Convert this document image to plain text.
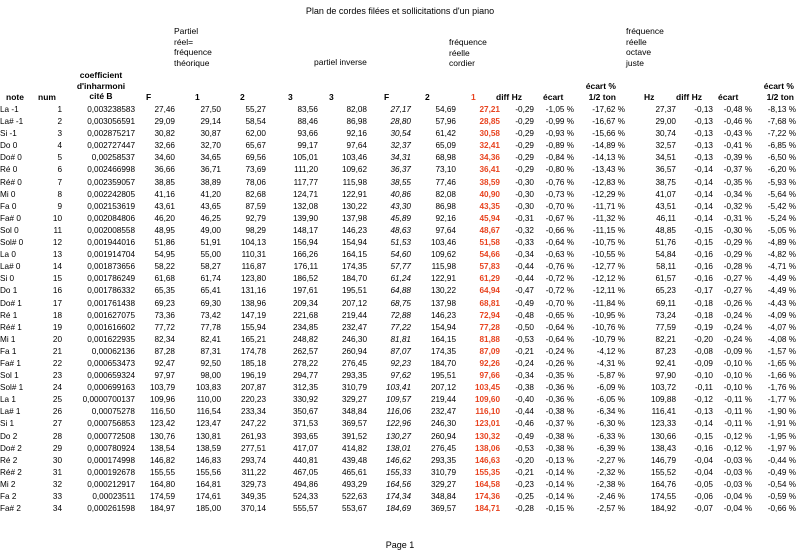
Plan de cordes filées et sollicitations d'un piano
Partiel
réel=
fréquence
théorique	partiel inverse
fréquence
réelle
cordier
fréquence
réelle
octave
juste
coefficient
d'inharmoni
cité B
écart %
1/2 ton
écart %
1/2 ton
note num	F	1	2	3	3	F	2	1 diff Hz écart	Hz	diff Hz écart
La -1	1	0,003238583	27,46	27,50	55,27	83,56	82,08	27,17	54,69	27,21	-0,29	-1,05 %	-17,62 %	27,37	-0,13	-0,48 %	-8,13 %
La# -1	2	0,003056591	29,09	29,14	58,54	88,46	86,98	28,80	57,96	28,85	-0,29	-0,99 %	-16,67 %	29,00	-0,13	-0,46 %	-7,68 %
Si -1	3	0,002875217	30,82	30,87	62,00	93,66	92,16	30,54	61,42	30,58	-0,29	-0,93 %	-15,66 %	30,74	-0,13	-0,43 %	-7,22 %
Do 0	4	0,002727447	32,66	32,70	65,67	99,17	97,64	32,37	65,09	32,41	-0,29	-0,89 %	-14,89 %	32,57	-0,13	-0,41 %	-6,85 %
Do# 0	5	0,00258537	34,60	34,65	69,56	105,01	103,46	34,31	68,98	34,36	-0,29	-0,84 %	-14,13 %	34,51	-0,13	-0,39 %	-6,50 %
Ré 0	6	0,002466998	36,66	36,71	73,69	111,20	109,62	36,37	73,10	36,41	-0,29	-0,80 %	-13,43 %	36,57	-0,14	-0,37 %	-6,20 %
Ré# 0	7	0,002359057	38,85	38,89	78,06	117,77	115,98	38,55	77,46	38,59	-0,30	-0,76 %	-12,83 %	38,75	-0,14	-0,35 %	-5,93 %
Mi 0	8	0,002242805	41,16	41,20	82,68	124,71	122,91	40,86	82,08	40,90	-0,30	-0,73 %	-12,29 %	41,07	-0,14	-0,34 %	-5,64 %
Fa 0	9	0,002153619	43,61	43,65	87,59	132,08	130,22	43,30	86,98	43,35	-0,30	-0,70 %	-11,71 %	43,51	-0,14	-0,32 %	-5,42 %
Fa# 0	10	0,002084806	46,20	46,25	92,79	139,90	137,98	45,89	92,16	45,94	-0,31	-0,67 %	-11,32 %	46,11	-0,14	-0,31 %	-5,24 %
Sol 0	11	0,002008558	48,95	49,00	98,29	148,17	146,23	48,63	97,64	48,67	-0,32	-0,66 %	-11,15 %	48,85	-0,15	-0,30 %	-5,05 %
Sol# 0	12	0,001944016	51,86	51,91	104,13	156,94	154,94	51,53	103,46	51,58	-0,33	-0,64 %	-10,75 %	51,76	-0,15	-0,29 %	-4,89 %
La 0	13	0,001914704	54,95	55,00	110,31	166,26	164,15	54,60	109,62	54,66	-0,34	-0,63 %	-10,55 %	54,84	-0,16	-0,29 %	-4,82 %
La# 0	14	0,001873656	58,22	58,27	116,87	176,11	174,35	57,77	115,98	57,83	-0,44	-0,76 %	-12,77 %	58,11	-0,16	-0,28 %	-4,71 %
Si 0	15	0,001786249	61,68	61,74	123,80	186,52	184,70	61,24	122,91	61,29	-0,44	-0,72 %	-12,12 %	61,57	-0,16	-0,27 %	-4,49 %
Do 1	16	0,001786332	65,35	65,41	131,16	197,61	195,51	64,88	130,22	64,94	-0,47	-0,72 %	-12,11 %	65,23	-0,17	-0,27 %	-4,49 %
Do# 1	17	0,001761438	69,23	69,30	138,96	209,34	207,12	68,75	137,98	68,81	-0,49	-0,70 %	-11,84 %	69,11	-0,18	-0,26 %	-4,43 %
Ré 1	18	0,001627075	73,36	73,42	147,19	221,68	219,44	72,88	146,23	72,94	-0,48	-0,65 %	-10,95 %	73,24	-0,18	-0,24 %	-4,09 %
Ré# 1	19	0,001616602	77,72	77,78	155,94	234,85	232,47	77,22	154,94	77,28	-0,50	-0,64 %	-10,76 %	77,59	-0,19	-0,24 %	-4,07 %
Mi 1	20	0,001622935	82,34	82,41	165,21	248,82	246,30	81,81	164,15	81,88	-0,53	-0,64 %	-10,79 %	82,21	-0,20	-0,24 %	-4,08 %
Fa 1	21	0,00062136	87,28	87,31	174,78	262,57	260,94	87,07	174,35	87,09	-0,21	-0,24 %	-4,12 %	87,23	-0,08	-0,09 %	-1,57 %
Fa# 1	22	0,000653473	92,47	92,50	185,18	278,22	276,45	92,23	184,70	92,26	-0,24	-0,26 %	-4,31 %	92,41	-0,09	-0,10 %	-1,65 %
Sol 1	23	0,000659324	97,97	98,00	196,19	294,77	293,35	97,62	195,51	97,66	-0,34	-0,35 %	-5,87 %	97,90	-0,10	-0,10 %	-1,66 %
Sol# 1	24	0,000699163	103,79	103,83	207,87	312,35	310,79	103,41	207,12	103,45	-0,38	-0,36 %	-6,09 %	103,72	-0,11	-0,10 %	-1,76 %
La 1	25	0,0000700137	109,96	110,00	220,23	330,92	329,27	109,57	219,44	109,60	-0,40	-0,36 %	-6,05 %	109,88	-0,12	-0,11 %	-1,77 %
La# 1	26	0,00075278	116,50	116,54	233,34	350,67	348,84	116,06	232,47	116,10	-0,44	-0,38 %	-6,34 %	116,41	-0,13	-0,11 %	-1,90 %
Si 1	27	0,000756853	123,42	123,47	247,22	371,53	369,57	122,96	246,30	123,01	-0,46	-0,37 %	-6,30 %	123,33	-0,14	-0,11 %	-1,91 %
Do 2	28	0,000772508	130,76	130,81	261,93	393,65	391,52	130,27	260,94	130,32	-0,49	-0,38 %	-6,33 %	130,66	-0,15	-0,12 %	-1,95 %
Do# 2	29	0,000780924	138,54	138,59	277,51	417,07	414,82	138,01	276,45	138,06	-0,53	-0,38 %	-6,39 %	138,43	-0,16	-0,12 %	-1,97 %
Ré 2	30	0,000174998	146,82	146,83	293,74	440,81	439,48	146,62	293,35	146,63	-0,20	-0,13 %	-2,27 %	146,79	-0,04	-0,03 %	-0,44 %
Ré# 2	31	0,000192678	155,55	155,56	311,22	467,05	465,61	155,33	310,79	155,35	-0,21	-0,14 %	-2,32 %	155,52	-0,04	-0,03 %	-0,49 %
Mi 2	32	0,000212917	164,80	164,81	329,73	494,86	493,29	164,56	329,27	164,58	-0,23	-0,14 %	-2,38 %	164,76	-0,05	-0,03 %	-0,54 %
Fa 2	33	0,00023511	174,59	174,61	349,35	524,33	522,63	174,34	348,84	174,36	-0,25	-0,14 %	-2,46 %	174,55	-0,06	-0,04 %	-0,59 %
Fa# 2	34	0,000261598	184,97	185,00	370,14	555,57	553,67	184,69	369,57	184,71	-0,28	-0,15 %	-2,57 %	184,92	-0,07	-0,04 %	-0,66 %
Page 1
